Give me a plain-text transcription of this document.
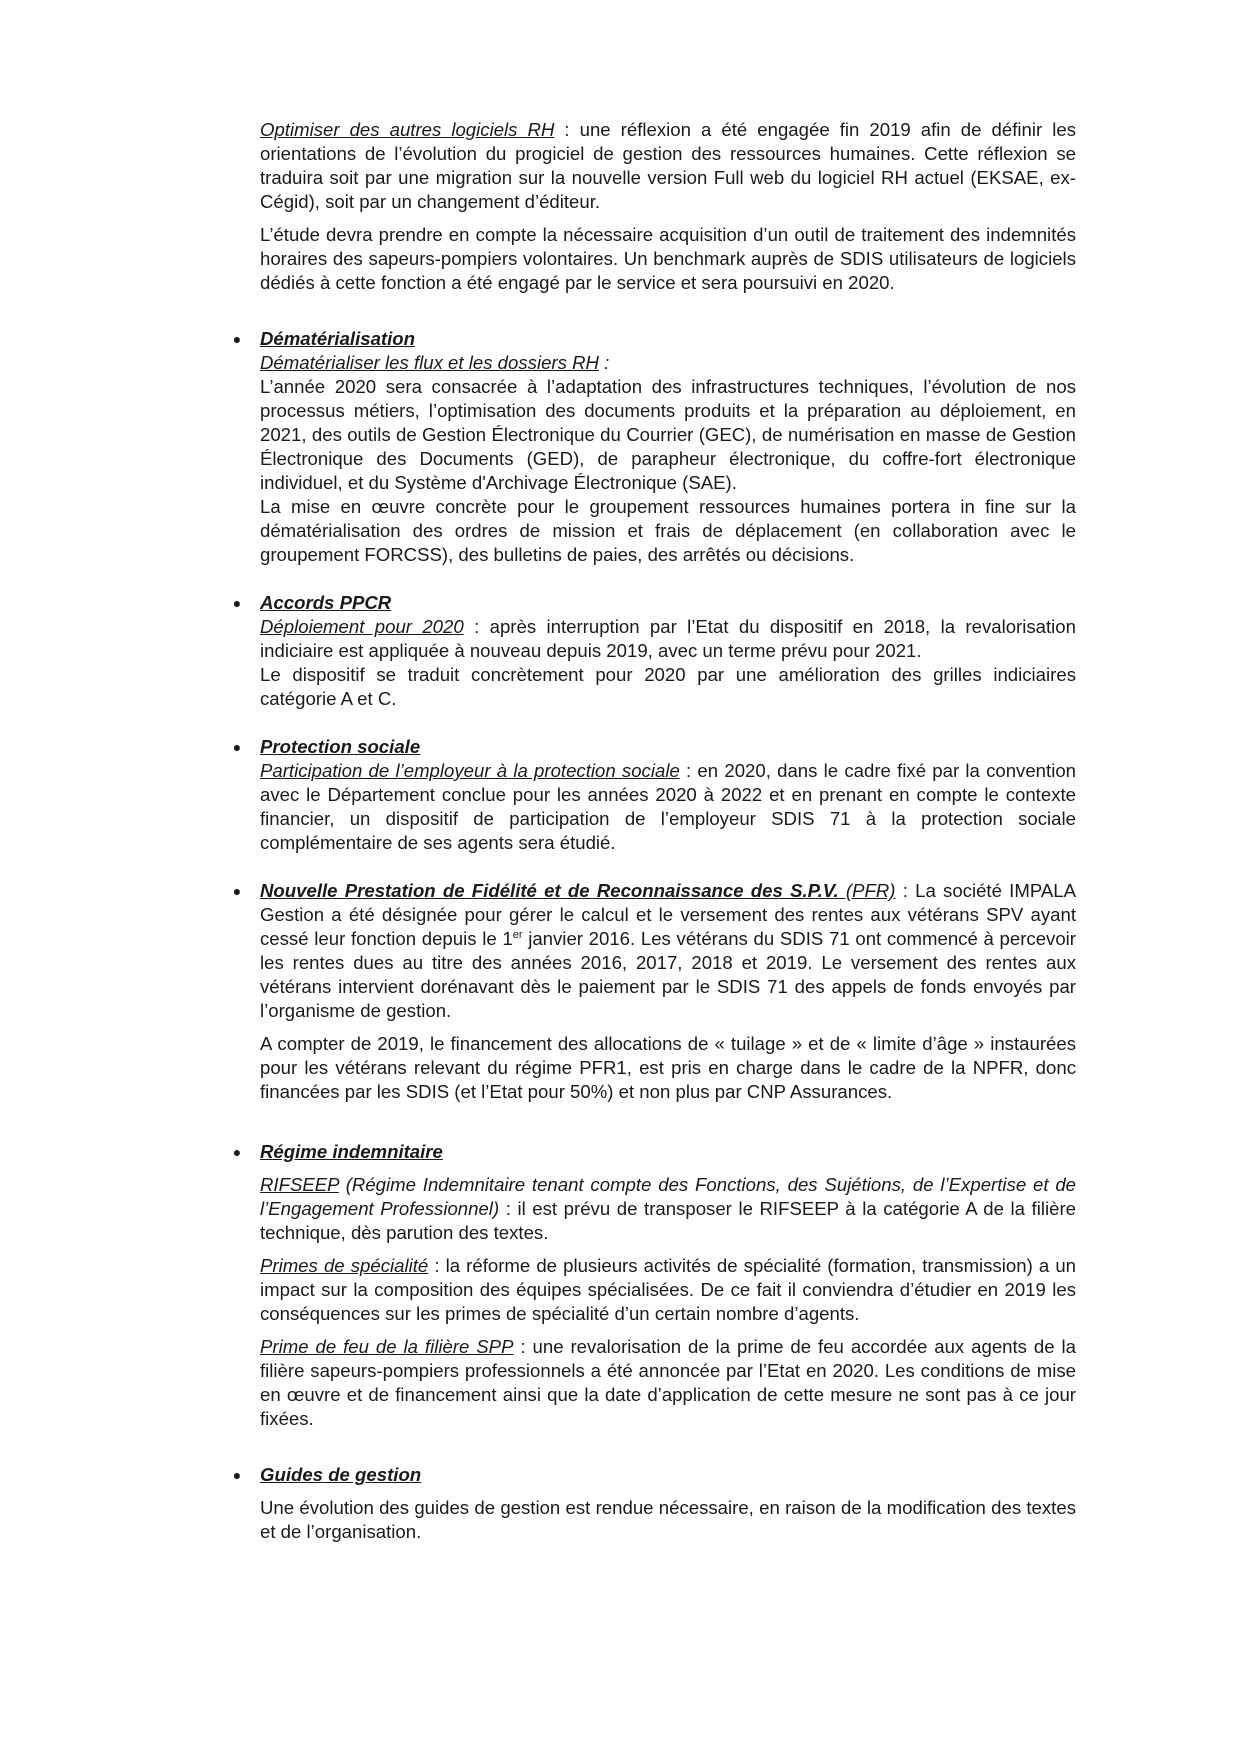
Optimiser des autres logiciels RH : une réflexion a été engagée fin 2019 afin de définir les orientations de l’évolution du progiciel de gestion des ressources humaines. Cette réflexion se traduira soit par une migration sur la nouvelle version Full web du logiciel RH actuel (EKSAE, ex-Cégid), soit par un changement d’éditeur.

L’étude devra prendre en compte la nécessaire acquisition d’un outil de traitement des indemnités horaires des sapeurs-pompiers volontaires. Un benchmark auprès de SDIS utilisateurs de logiciels dédiés à cette fonction a été engagé par le service et sera poursuivi en 2020.

● Dématérialisation

Dématérialiser les flux et les dossiers RH :

L’année 2020 sera consacrée à l’adaptation des infrastructures techniques, l’évolution de nos processus métiers, l’optimisation des documents produits et la préparation au déploiement, en 2021, des outils de Gestion Électronique du Courrier (GEC), de numérisation en masse de Gestion Électronique des Documents (GED), de parapheur électronique, du coffre-fort électronique individuel, et du Système d'Archivage Électronique (SAE).

La mise en œuvre concrète pour le groupement ressources humaines portera in fine sur la dématérialisation des ordres de mission et frais de déplacement (en collaboration avec le groupement FORCSS), des bulletins de paies, des arrêtés ou décisions.

● Accords PPCR

Déploiement pour 2020 : après interruption par l’Etat du dispositif en 2018, la revalorisation indiciaire est appliquée à nouveau depuis 2019, avec un terme prévu pour 2021.

Le dispositif se traduit concrètement pour 2020 par une amélioration des grilles indiciaires catégorie A et C.

● Protection sociale

Participation de l’employeur à la protection sociale : en 2020, dans le cadre fixé par la convention avec le Département conclue pour les années 2020 à 2022 et en prenant en compte le contexte financier, un dispositif de participation de l’employeur SDIS 71 à la protection sociale complémentaire de ses agents sera étudié.

● Nouvelle Prestation de Fidélité et de Reconnaissance des S.P.V. (PFR) : La société IMPALA Gestion a été désignée pour gérer le calcul et le versement des rentes aux vétérans SPV ayant cessé leur fonction depuis le 1er janvier 2016. Les vétérans du SDIS 71 ont commencé à percevoir les rentes dues au titre des années 2016, 2017, 2018 et 2019. Le versement des rentes aux vétérans intervient dorénavant dès le paiement par le SDIS 71 des appels de fonds envoyés par l’organisme de gestion.

A compter de 2019, le financement des allocations de « tuilage » et de « limite d’âge » instaurées pour les vétérans relevant du régime PFR1, est pris en charge dans le cadre de la NPFR, donc financées par les SDIS (et l’Etat pour 50%) et non plus par CNP Assurances.

● Régime indemnitaire

RIFSEEP (Régime Indemnitaire tenant compte des Fonctions, des Sujétions, de l’Expertise et de l’Engagement Professionnel) : il est prévu de transposer le RIFSEEP à la catégorie A de la filière technique, dès parution des textes.

Primes de spécialité : la réforme de plusieurs activités de spécialité (formation, transmission) a un impact sur la composition des équipes spécialisées. De ce fait il conviendra d’étudier en 2019 les conséquences sur les primes de spécialité d’un certain nombre d’agents.

Prime de feu de la filière SPP : une revalorisation de la prime de feu accordée aux agents de la filière sapeurs-pompiers professionnels a été annoncée par l’Etat en 2020. Les conditions de mise en œuvre et de financement ainsi que la date d’application de cette mesure ne sont pas à ce jour fixées.

● Guides de gestion

Une évolution des guides de gestion est rendue nécessaire, en raison de la modification des textes et de l’organisation.
